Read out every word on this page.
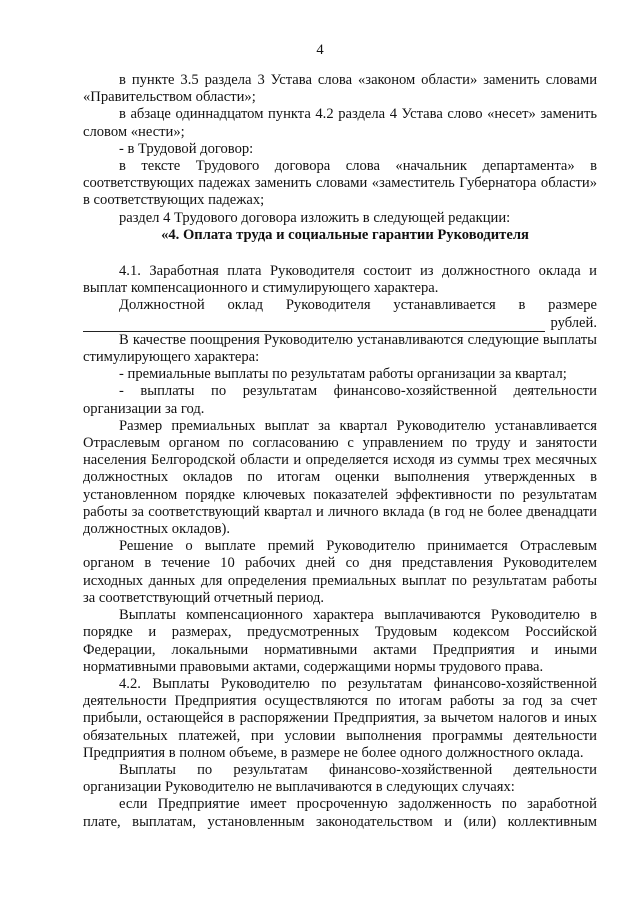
4

в пункте 3.5 раздела 3 Устава слова «законом области» заменить словами «Правительством области»;

в абзаце одиннадцатом пункта 4.2 раздела 4 Устава слово «несет» заменить словом «нести»;

- в Трудовой договор:

в тексте Трудового договора слова «начальник департамента» в соответствующих падежах заменить словами «заместитель Губернатора области» в соответствующих падежах;

раздел 4 Трудового договора изложить в следующей редакции:

«4. Оплата труда и социальные гарантии Руководителя

4.1. Заработная плата Руководителя состоит из должностного оклада и выплат компенсационного и стимулирующего характера.

Должностной оклад Руководителя устанавливается в размере

рублей.

В качестве поощрения Руководителю устанавливаются следующие выплаты стимулирующего характера:

- премиальные выплаты по результатам работы организации за квартал;

- выплаты по результатам финансово-хозяйственной деятельности организации за год.

Размер премиальных выплат за квартал Руководителю устанавливается Отраслевым органом по согласованию с управлением по труду и занятости населения Белгородской области и определяется исходя из суммы трех месячных должностных окладов по итогам оценки выполнения утвержденных в установленном порядке ключевых показателей эффективности по результатам работы за соответствующий квартал и личного вклада (в год не более двенадцати должностных окладов).

Решение о выплате премий Руководителю принимается Отраслевым органом в течение 10 рабочих дней со дня представления Руководителем исходных данных для определения премиальных выплат по результатам работы за соответствующий отчетный период.

Выплаты компенсационного характера выплачиваются Руководителю в порядке и размерах, предусмотренных Трудовым кодексом Российской Федерации, локальными нормативными актами Предприятия и иными нормативными правовыми актами, содержащими нормы трудового права.

4.2. Выплаты Руководителю по результатам финансово-хозяйственной деятельности Предприятия осуществляются по итогам работы за год за счет прибыли, остающейся в распоряжении Предприятия, за вычетом налогов и иных обязательных платежей, при условии выполнения программы деятельности Предприятия в полном объеме, в размере не более одного должностного оклада.

Выплаты по результатам финансово-хозяйственной деятельности организации Руководителю не выплачиваются в следующих случаях:

если Предприятие имеет просроченную задолженность по заработной плате, выплатам, установленным законодательством и (или) коллективным
